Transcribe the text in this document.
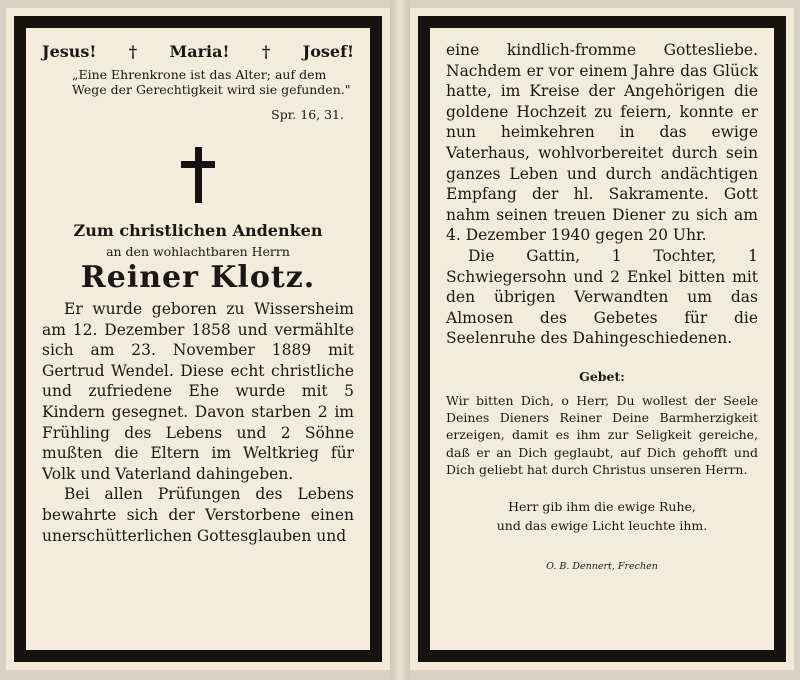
Jesus! † Maria! † Josef!
„Eine Ehrenkrone ist das Alter; auf dem Wege der Gerechtigkeit wird sie gefunden."
Spr. 16, 31.
Zum christlichen Andenken
an den wohlachtbaren Herrn
Reiner Klotz.

Er wurde geboren zu Wissersheim am 12. Dezember 1858 und vermählte sich am 23. November 1889 mit Gertrud Wendel. Diese echt christliche und zufriedene Ehe wurde mit 5 Kindern gesegnet. Davon starben 2 im Frühling des Lebens und 2 Söhne mußten die Eltern im Weltkrieg für Volk und Vaterland dahingeben.

Bei allen Prüfungen des Lebens bewahrte sich der Verstorbene einen unerschütterlichen Gottesglauben und

eine kindlich-fromme Gottesliebe. Nachdem er vor einem Jahre das Glück hatte, im Kreise der Angehörigen die goldene Hochzeit zu feiern, konnte er nun heimkehren in das ewige Vaterhaus, wohlvorbereitet durch sein ganzes Leben und durch andächtigen Empfang der hl. Sakramente. Gott nahm seinen treuen Diener zu sich am 4. Dezember 1940 gegen 20 Uhr.

Die Gattin, 1 Tochter, 1 Schwiegersohn und 2 Enkel bitten mit den übrigen Verwandten um das Almosen des Gebetes für die Seelenruhe des Dahingeschiedenen.

Gebet:

Wir bitten Dich, o Herr, Du wollest der Seele Deines Dieners Reiner Deine Barmherzigkeit erzeigen, damit es ihm zur Seligkeit gereiche, daß er an Dich geglaubt, auf Dich gehofft und Dich geliebt hat durch Christus unseren Herrn.

Herr gib ihm die ewige Ruhe,
und das ewige Licht leuchte ihm.
O. B. Dennert, Frechen
